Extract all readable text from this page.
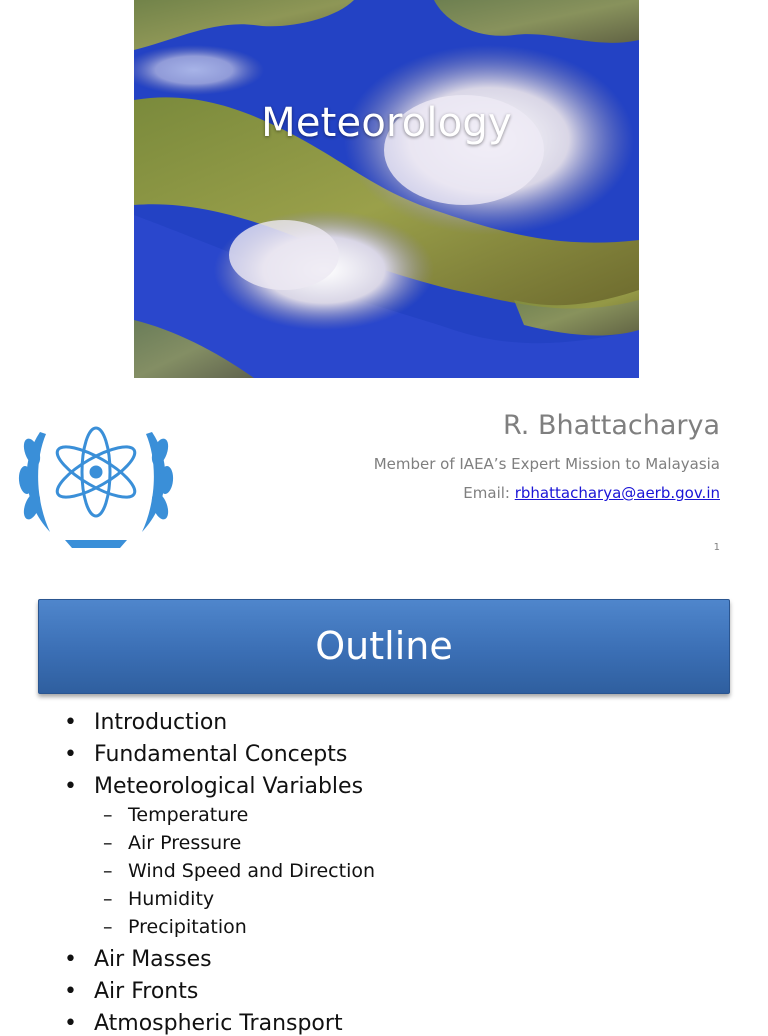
Meteorology
R. Bhattacharya
Member of IAEA’s Expert Mission to Malayasia
Email: rbhattacharya@aerb.gov.in
1
Outline
• Introduction
• Fundamental Concepts
• Meteorological Variables
– Temperature
– Air Pressure
– Wind Speed and Direction
– Humidity
– Precipitation
• Air Masses
• Air Fronts
• Atmospheric Transport
